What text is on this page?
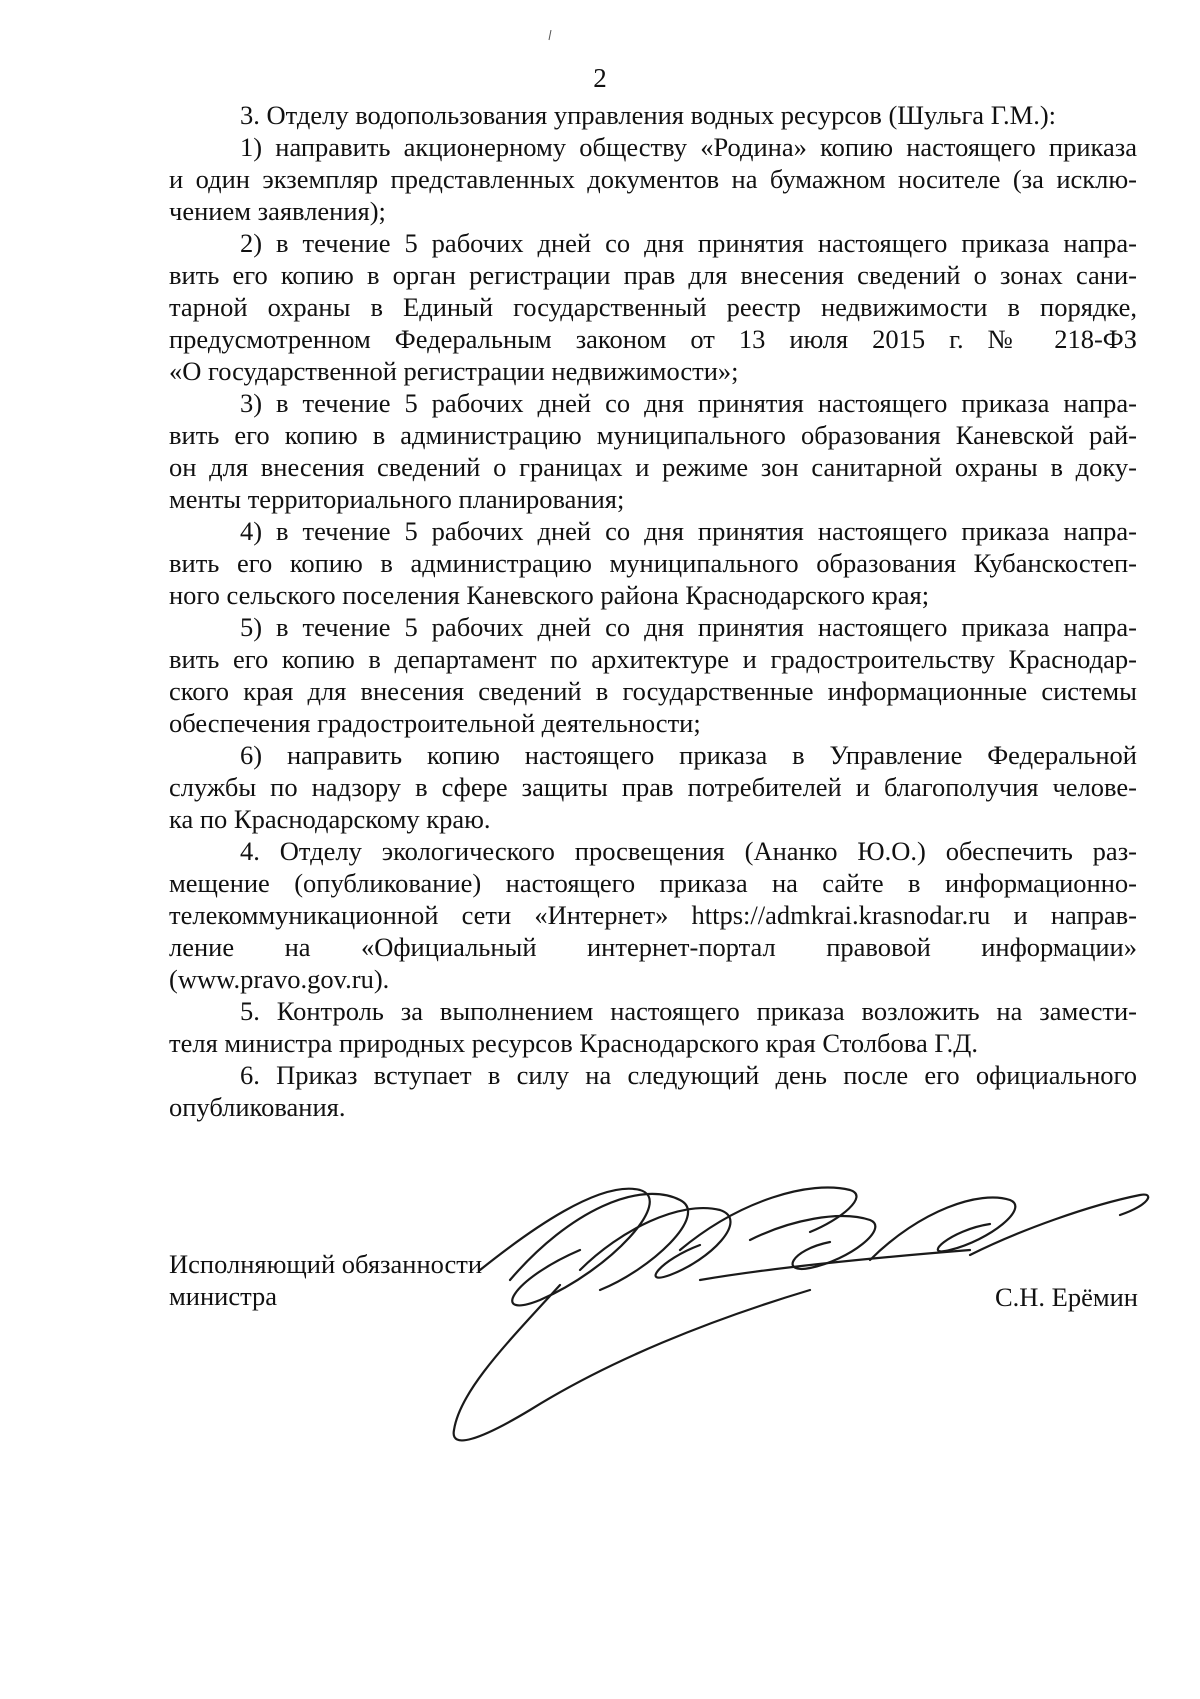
2
3. Отделу водопользования управления водных ресурсов (Шульга Г.М.):
1) направить акционерному обществу «Родина» копию настоящего приказа
и один экземпляр представленных документов на бумажном носителе (за исклю-
чением заявления);
2) в течение 5 рабочих дней со дня принятия настоящего приказа напра-
вить его копию в орган регистрации прав для внесения сведений о зонах сани-
тарной охраны в Единый государственный реестр недвижимости в порядке,
предусмотренном Федеральным законом от 13 июля 2015 г. № 218-ФЗ
«О государственной регистрации недвижимости»;
3) в течение 5 рабочих дней со дня принятия настоящего приказа напра-
вить его копию в администрацию муниципального образования Каневской рай-
он для внесения сведений о границах и режиме зон санитарной охраны в доку-
менты территориального планирования;
4) в течение 5 рабочих дней со дня принятия настоящего приказа напра-
вить его копию в администрацию муниципального образования Кубанскостеп-
ного сельского поселения Каневского района Краснодарского края;
5) в течение 5 рабочих дней со дня принятия настоящего приказа напра-
вить его копию в департамент по архитектуре и градостроительству Краснодар-
ского края для внесения сведений в государственные информационные системы
обеспечения градостроительной деятельности;
6) направить копию настоящего приказа в Управление Федеральной
службы по надзору в сфере защиты прав потребителей и благополучия челове-
ка по Краснодарскому краю.
4. Отделу экологического просвещения (Ананко Ю.О.) обеспечить раз-
мещение (опубликование) настоящего приказа на сайте в информационно-
телекоммуникационной сети «Интернет» https://admkrai.krasnodar.ru и направ-
ление на «Официальный интернет-портал правовой информации»
(www.pravo.gov.ru).
5. Контроль за выполнением настоящего приказа возложить на замести-
теля министра природных ресурсов Краснодарского края Столбова Г.Д.
6. Приказ вступает в силу на следующий день после его официального
опубликования.
Исполняющий обязанности
министра	С.Н. Ерёмин
